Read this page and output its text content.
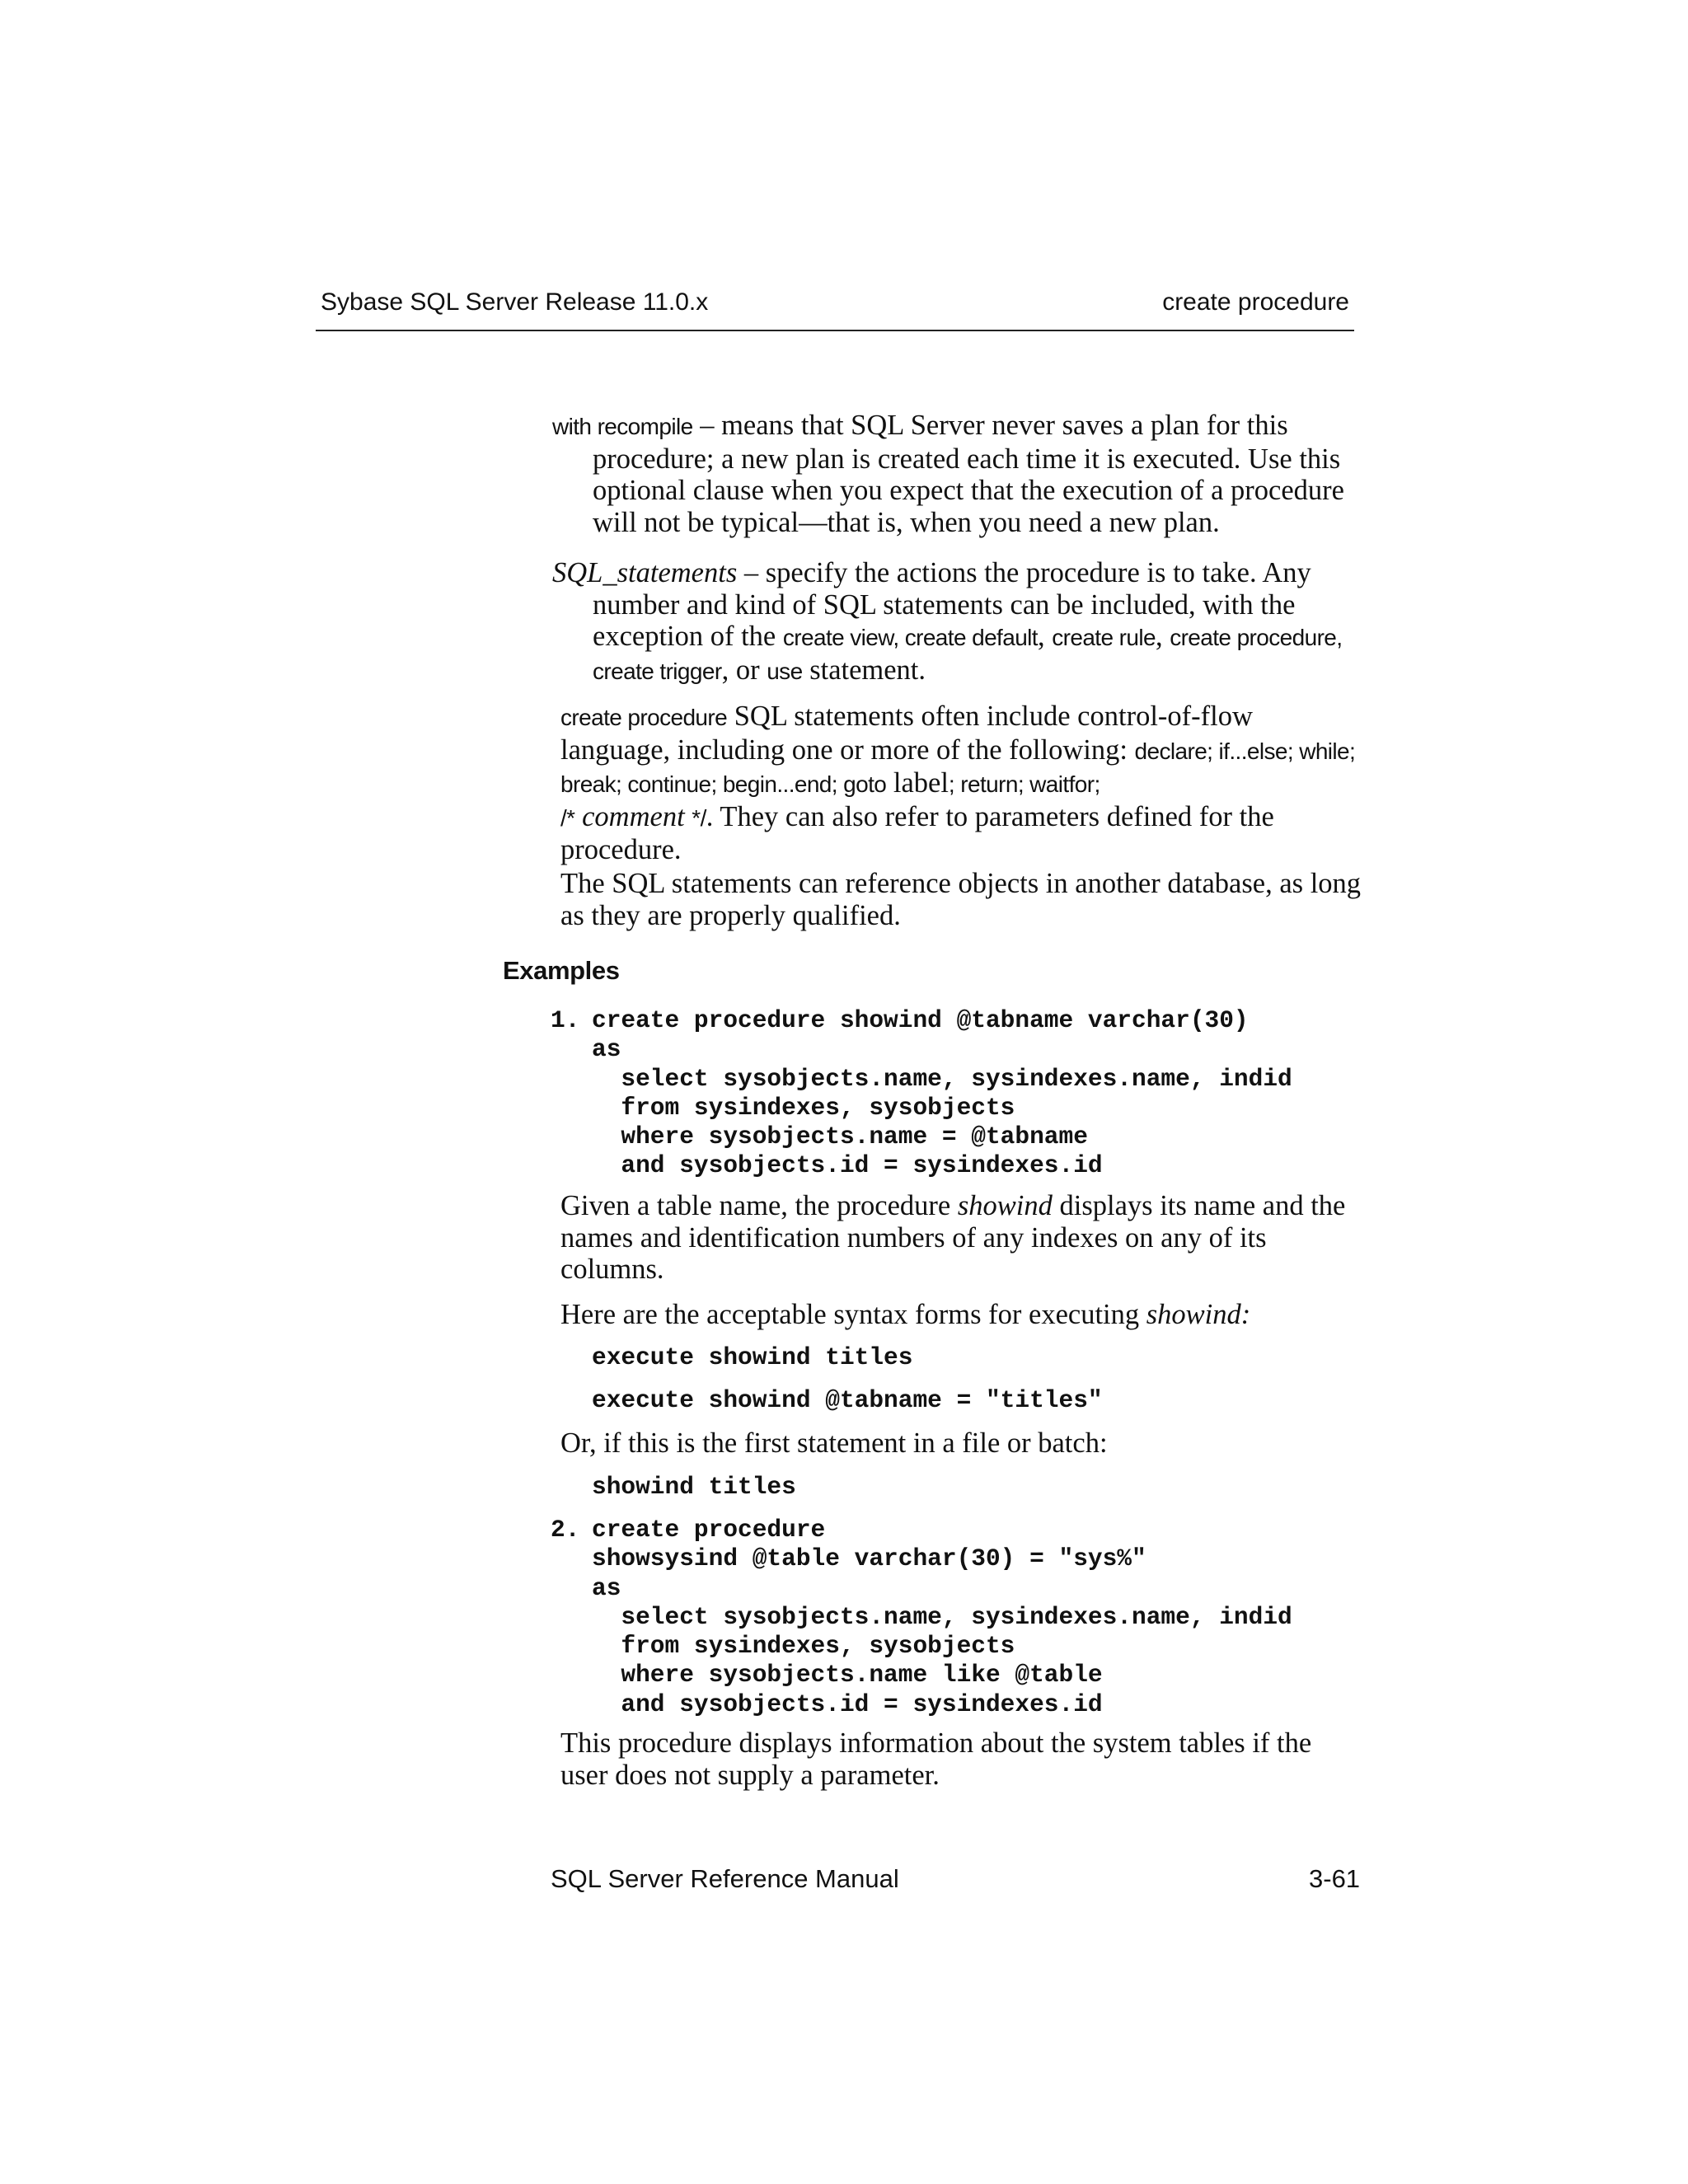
Sybase SQL Server Release 11.0.x	create procedure

with recompile – means that SQL Server never saves a plan for this procedure; a new plan is created each time it is executed. Use this optional clause when you expect that the execution of a procedure will not be typical—that is, when you need a new plan.

SQL_statements – specify the actions the procedure is to take. Any number and kind of SQL statements can be included, with the exception of the create view, create default, create rule, create procedure, create trigger, or use statement.

create procedure SQL statements often include control-of-flow language, including one or more of the following: declare; if...else; while; break; continue; begin...end; goto label; return; waitfor;
/* comment */. They can also refer to parameters defined for the procedure.

The SQL statements can reference objects in another database, as long as they are properly qualified.

Examples
1. create procedure showind @tabname varchar(30)
as
select sysobjects.name, sysindexes.name, indid
from sysindexes, sysobjects
where sysobjects.name = @tabname
and sysobjects.id = sysindexes.id

Given a table name, the procedure showind displays its name and the names and identification numbers of any indexes on any of its columns.

Here are the acceptable syntax forms for executing showind:

execute showind titles
execute showind @tabname = "titles"

Or, if this is the first statement in a file or batch:

showind titles
2. create procedure
showsysind @table varchar(30) = "sys%"
as
select sysobjects.name, sysindexes.name, indid
from sysindexes, sysobjects
where sysobjects.name like @table
and sysobjects.id = sysindexes.id

This procedure displays information about the system tables if the user does not supply a parameter.

SQL Server Reference Manual	3-61
